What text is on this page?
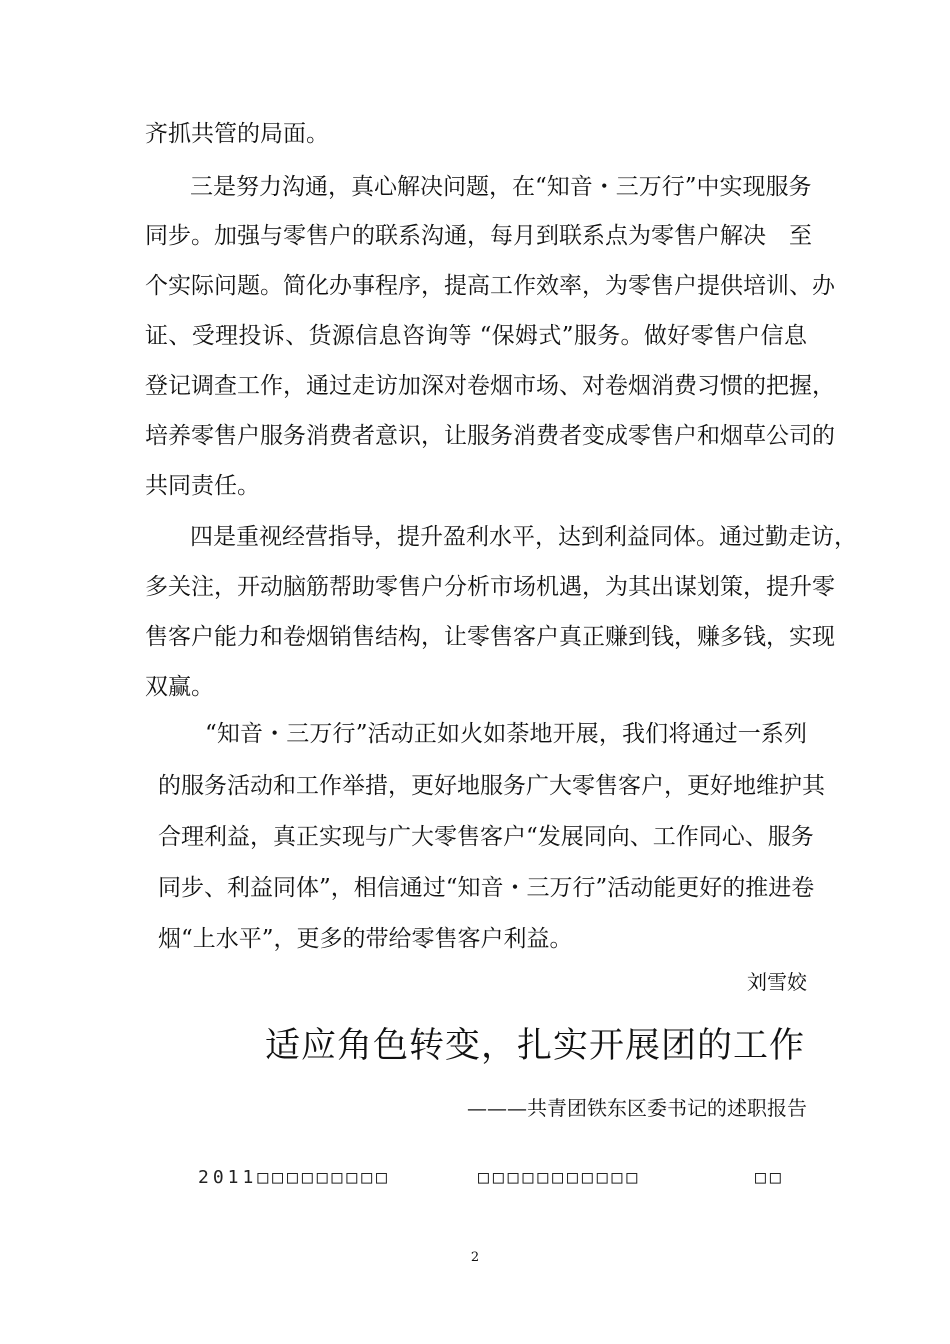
齐抓共管的局面。
三是努力沟通，真心解决问题，在“知音・三万行”中实现服务
同步。加强与零售户的联系沟通，每月到联系点为零售户解决　至
个实际问题。简化办事程序，提高工作效率，为零售户提供培训、办
证、受理投诉、货源信息咨询等 “保姆式”服务。做好零售户信息
登记调查工作，通过走访加深对卷烟市场、对卷烟消费习惯的把握，
培养零售户服务消费者意识，让服务消费者变成零售户和烟草公司的
共同责任。
四是重视经营指导，提升盈利水平，达到利益同体。通过勤走访，
多关注，开动脑筋帮助零售户分析市场机遇，为其出谋划策，提升零
售客户能力和卷烟销售结构，让零售客户真正赚到钱，赚多钱，实现
双赢。
“知音・三万行”活动正如火如荼地开展，我们将通过一系列
的服务活动和工作举措，更好地服务广大零售客户，更好地维护其
合理利益，真正实现与广大零售客户“发展同向、工作同心、服务
同步、利益同体”，相信通过“知音・三万行”活动能更好的推进卷
烟“上水平”，更多的带给零售客户利益。
刘雪姣
适应角色转变，扎实开展团的工作
———共青团铁东区委书记的述职报告
2011□□□□□□□□□	□□□□□□□□□□□	□□
2
